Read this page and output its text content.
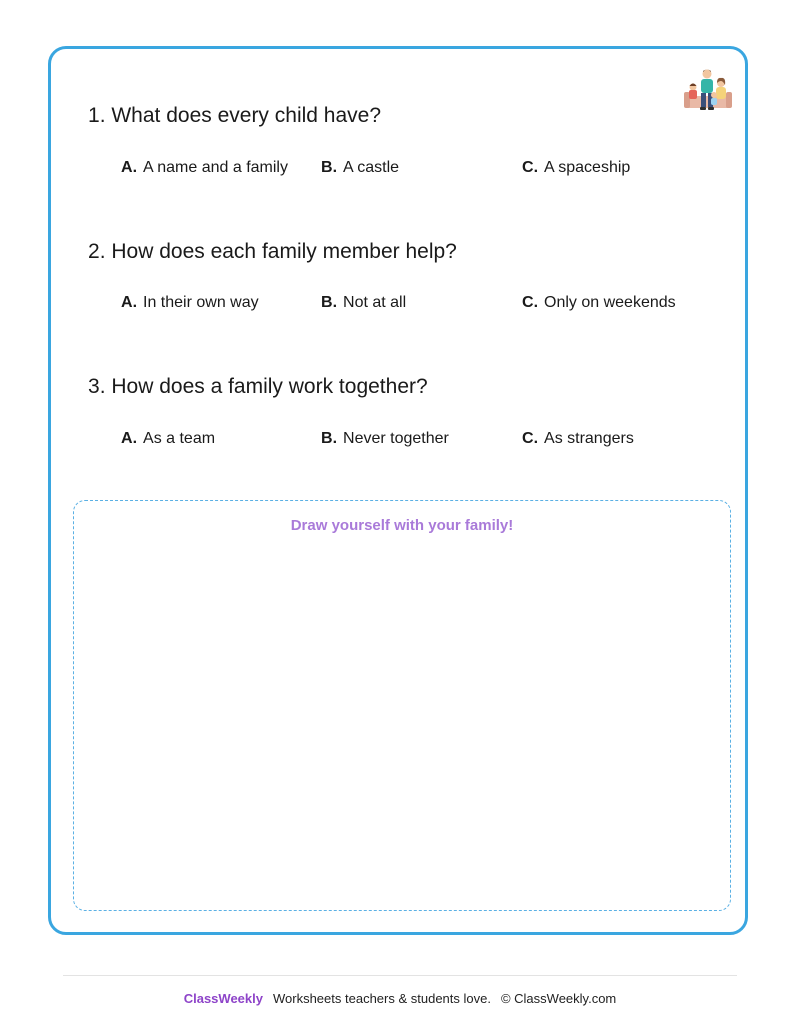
1 . What does every child have?
A . A name and a family B . A castle	C . A spaceship
2 . How does each family member help?
A . In their own way	B . Not at all	C . Only on weekends
3 . How does a family work together?
A . As a team	B . Never together	C . As strangers
Draw yourself with your family!
ClassWeekly Worksheets teachers & students love. © ClassWeekly.com
